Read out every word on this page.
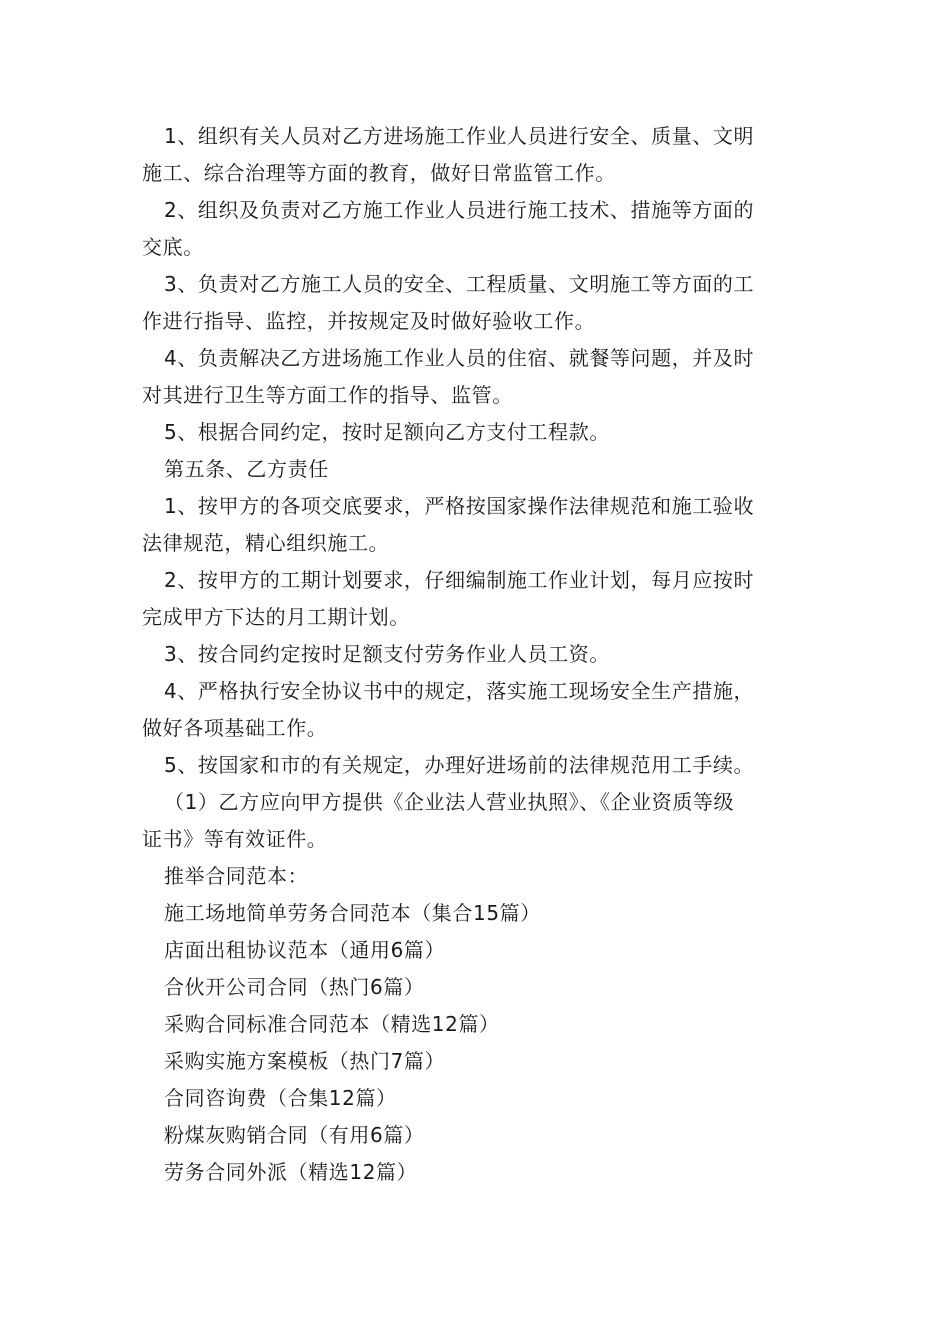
1、组织有关人员对乙方进场施工作业人员进行安全、质量、文明
施工、综合治理等方面的教育，做好日常监管工作。
2、组织及负责对乙方施工作业人员进行施工技术、措施等方面的
交底。
3、负责对乙方施工人员的安全、工程质量、文明施工等方面的工
作进行指导、监控，并按规定及时做好验收工作。
4、负责解决乙方进场施工作业人员的住宿、就餐等问题，并及时
对其进行卫生等方面工作的指导、监管。
5、根据合同约定，按时足额向乙方支付工程款。
第五条、乙方责任
1、按甲方的各项交底要求，严格按国家操作法律规范和施工验收
法律规范，精心组织施工。
2、按甲方的工期计划要求，仔细编制施工作业计划，每月应按时
完成甲方下达的月工期计划。
3、按合同约定按时足额支付劳务作业人员工资。
4、严格执行安全协议书中的规定，落实施工现场安全生产措施，
做好各项基础工作。
5、按国家和市的有关规定，办理好进场前的法律规范用工手续。
（1）乙方应向甲方提供《企业法人营业执照》、《企业资质等级
证书》等有效证件。
推举合同范本：
施工场地简单劳务合同范本（集合15篇）
店面出租协议范本（通用6篇）
合伙开公司合同（热门6篇）
采购合同标准合同范本（精选12篇）
采购实施方案模板（热门7篇）
合同咨询费（合集12篇）
粉煤灰购销合同（有用6篇）
劳务合同外派（精选12篇）
